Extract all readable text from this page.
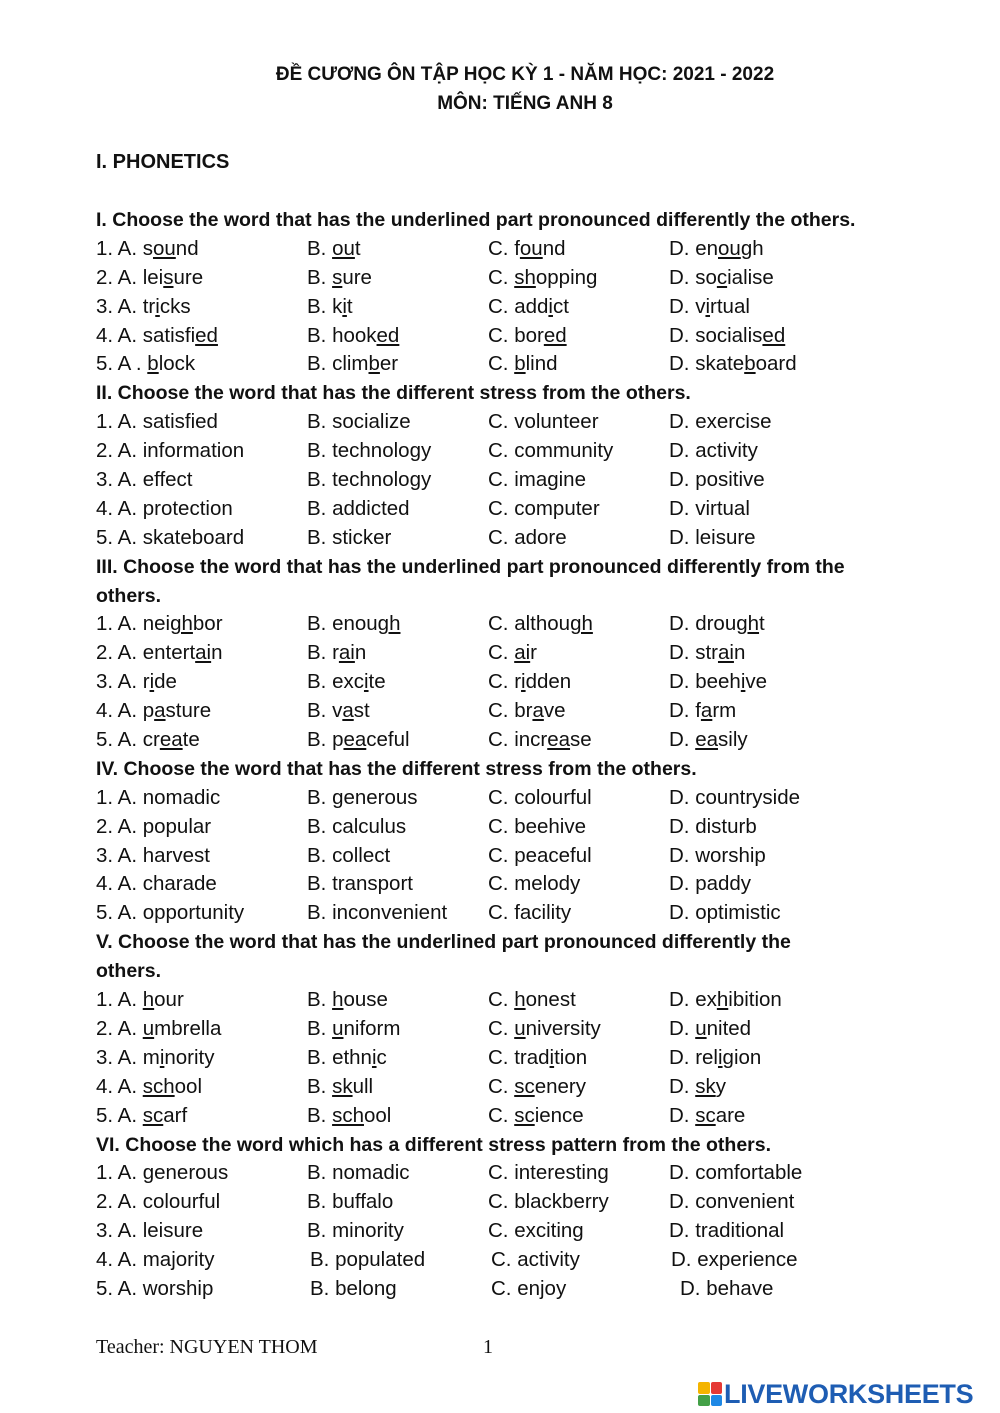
ĐỀ CƯƠNG ÔN TẬP HỌC KỲ 1 - NĂM HỌC: 2021 - 2022
MÔN: TIẾNG ANH 8
I. PHONETICS
I. Choose the word that has the underlined part pronounced differently the others.
1. A. sound	B. out	C. found	D. enough
2. A. leisure	B. sure	C. shopping	D. socialise
3. A. tricks	B. kit	C. addict	D. virtual
4. A. satisfied	B. hooked	C. bored	D. socialised
5. A . block	B. climber	C. blind	D. skateboard
II. Choose the word that has the different stress from the others.
1. A. satisfied	B. socialize	C. volunteer	D. exercise
2. A. information	B. technology	C. community	D. activity
3. A. effect	B. technology	C. imagine	D. positive
4. A. protection	B. addicted	C. computer	D. virtual
5. A. skateboard	B. sticker	C. adore	D. leisure
III. Choose the word that has the underlined part pronounced differently from the
others.
1. A. neighbor	B. enough	C. although	D. drought
2. A. entertain	B. rain	C. air	D. strain
3. A. ride	B. excite	C. ridden	D. beehive
4. A. pasture	B. vast	C. brave	D. farm
5. A. create	B. peaceful	C. increase	D. easily
IV. Choose the word that has the different stress from the others.
1. A. nomadic	B. generous	C. colourful	D. countryside
2. A. popular	B. calculus	C. beehive	D. disturb
3. A. harvest	B. collect	C. peaceful	D. worship
4. A. charade	B. transport	C. melody	D. paddy
5. A. opportunity	B. inconvenient C. facility	D. optimistic
V. Choose the word that has the underlined part pronounced differently the
others.
1. A. hour	B. house	C. honest	D. exhibition
2. A. umbrella	B. uniform	C. university	D. united
3. A. minority	B. ethnic	C. tradition	D. religion
4. A. school	B. skull	C. scenery	D. sky
5. A. scarf	B. school	C. science	D. scare
VI. Choose the word which has a different stress pattern from the others.
1. A. generous	B. nomadic	C. interesting	D. comfortable
2. A. colourful	B. buffalo	C. blackberry	D. convenient
3. A. leisure	B. minority	C. exciting	D. traditional
4. A. majority	B. populated	C. activity	D. experience
5. A. worship	B. belong	C. enjoy	D. behave
Teacher: NGUYEN THOM	1
LIVEWORKSHEETS
